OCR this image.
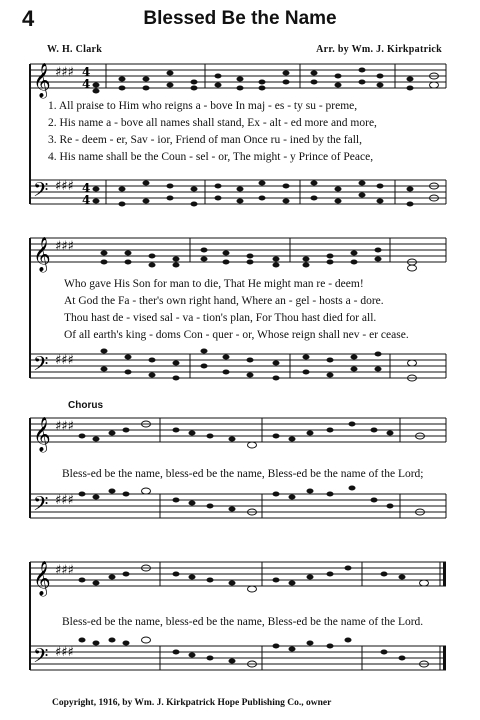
4	Blessed Be the Name
W. H. Clark	Arr. by Wm. J. Kirkpatrick
𝄞
𝄢
♯♯♯
♯♯♯
4
4
4
4
1. All praise to Him who reigns a - bove In maj - es - ty su - preme,
2. His name a - bove all names shall stand, Ex - alt - ed more and more,
3. Re - deem - er, Sav - ior, Friend of man Once ru - ined by the fall,
4. His name shall be the Coun - sel - or, The might - y Prince of Peace,
𝄞
𝄢
♯♯♯
♯♯♯
Who gave His Son for man to die, That He might man re - deem!
At God the Fa - ther's own right hand, Where an - gel - hosts a - dore.
Thou hast de - vised sal - va - tion's plan, For Thou hast died for all.
Of all earth's king - doms Con - quer - or, Whose reign shall nev - er cease.
Chorus
𝄞
𝄢
♯♯♯
♯♯♯
Bless-ed be the name, bless-ed be the name, Bless-ed be the name of the Lord;
𝄞
𝄢
♯♯♯
♯♯♯
Bless-ed be the name, bless-ed be the name, Bless-ed be the name of the Lord.
Copyright, 1916, by Wm. J. Kirkpatrick Hope Publishing Co., owner
